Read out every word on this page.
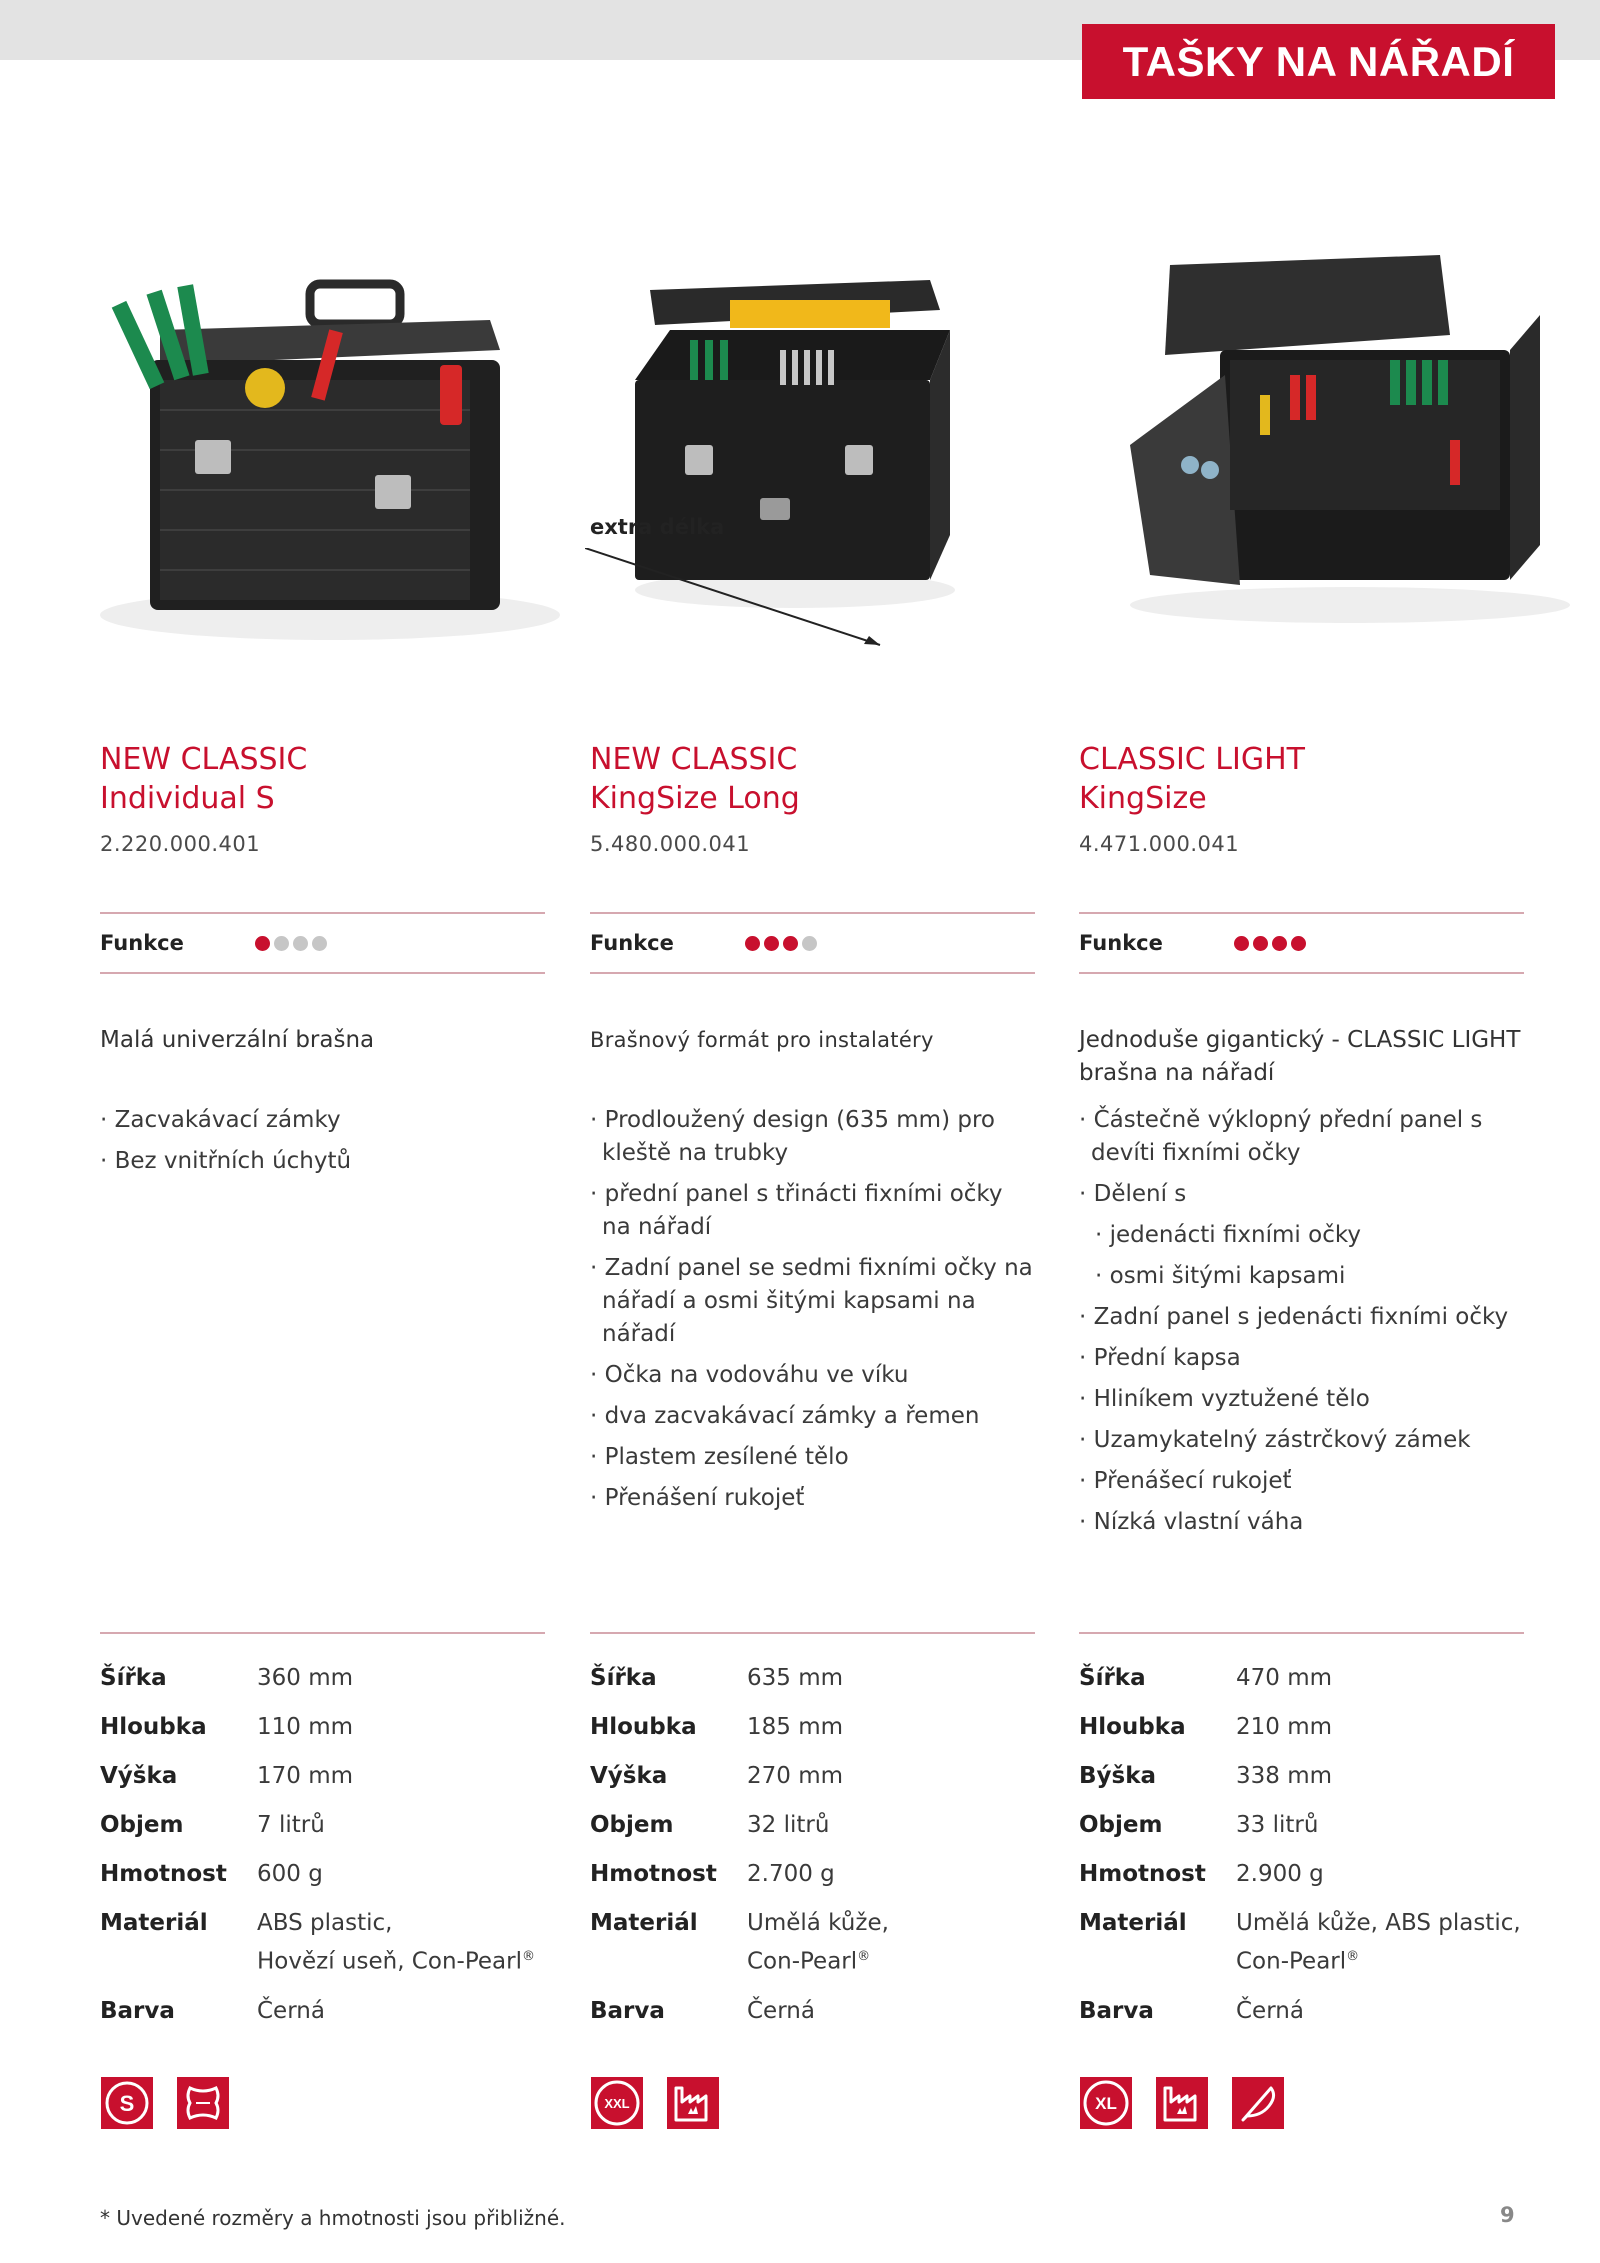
TAŠKY NA NÁŘADÍ
extra délka
NEW CLASSIC
Individual S
2.220.000.401
Funkce
Malá univerzální brašna
· Zacvakávací zámky
· Bez vnitřních úchytů
Šířka	360 mm
Hloubka	110 mm
Výška	170 mm
Objem	7 litrů
Hmotnost	600 g
Materiál	ABS plastic,
Hovězí useň, Con-Pearl®
Barva	Černá
S
NEW CLASSIC
KingSize Long
5.480.000.041
Funkce
Brašnový formát pro instalatéry
· Prodloužený design (635 mm) pro kleště na trubky
· přední panel s třinácti fixními očky na nářadí
· Zadní panel se sedmi fixními očky na nářadí a osmi šitými kapsami na nářadí
· Očka na vodováhu ve víku
· dva zacvakávací zámky a řemen
· Plastem zesílené tělo
· Přenášení rukojeť
Šířka	635 mm
Hloubka	185 mm
Výška	270 mm
Objem	32 litrů
Hmotnost	2.700 g
Materiál	Umělá kůže,
Con-Pearl®
Barva	Černá
XXL
CLASSIC LIGHT
KingSize
4.471.000.041
Funkce
Jednoduše gigantický - CLASSIC LIGHT brašna na nářadí
· Částečně výklopný přední panel s devíti fixními očky
· Dělení s
· jedenácti fixními očky
· osmi šitými kapsami
· Zadní panel s jedenácti fixními očky
· Přední kapsa
· Hliníkem vyztužené tělo
· Uzamykatelný zástrčkový zámek
· Přenášecí rukojeť
· Nízká vlastní váha
Šířka	470 mm
Hloubka	210 mm
Býška	338 mm
Objem	33 litrů
Hmotnost	2.900 g
Materiál	Umělá kůže, ABS plastic,
Con-Pearl®
Barva	Černá
XL
* Uvedené rozměry a hmotnosti jsou přibližné.	9
